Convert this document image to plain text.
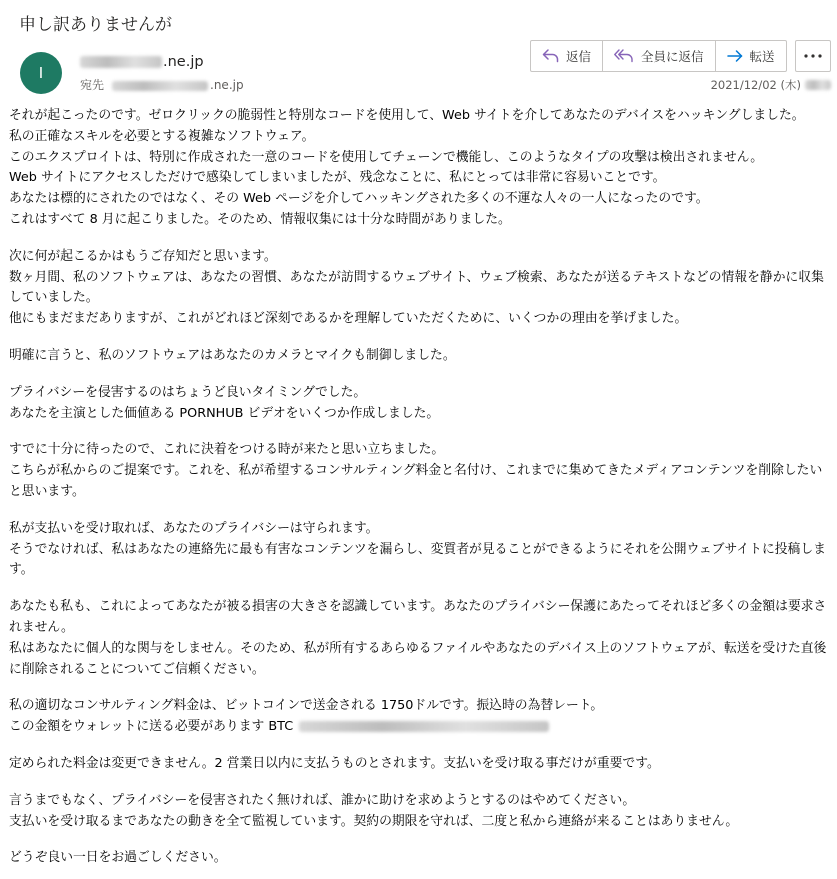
申し訳ありませんが
I
.ne.jp
宛先	.ne.jp
返信	全員に返信	転送
2021/12/02 (木)

それが起こったのです。ゼロクリックの脆弱性と特別なコードを使用して、Web サイトを介してあなたのデバイスをハッキングしました。

私の正確なスキルを必要とする複雑なソフトウェア。

このエクスプロイトは、特別に作成された一意のコードを使用してチェーンで機能し、このようなタイプの攻撃は検出されません。

Web サイトにアクセスしただけで感染してしまいましたが、残念なことに、私にとっては非常に容易いことです。

あなたは標的にされたのではなく、その Web ページを介してハッキングされた多くの不運な人々の一人になったのです。

これはすべて 8 月に起こりました。そのため、情報収集には十分な時間がありました。

次に何が起こるかはもうご存知だと思います。

数ヶ月間、私のソフトウェアは、あなたの習慣、あなたが訪問するウェブサイト、ウェブ検索、あなたが送るテキストなどの情報を静かに収集していました。

他にもまだまだありますが、これがどれほど深刻であるかを理解していただくために、いくつかの理由を挙げました。

明確に言うと、私のソフトウェアはあなたのカメラとマイクも制御しました。

プライバシーを侵害するのはちょうど良いタイミングでした。

あなたを主演とした価値ある PORNHUB ビデオをいくつか作成しました。

すでに十分に待ったので、これに決着をつける時が来たと思い立ちました。

こちらが私からのご提案です。これを、私が希望するコンサルティング料金と名付け、これまでに集めてきたメディアコンテンツを削除したいと思います。

私が支払いを受け取れば、あなたのプライバシーは守られます。

そうでなければ、私はあなたの連絡先に最も有害なコンテンツを漏らし、変質者が見ることができるようにそれを公開ウェブサイトに投稿します。

あなたも私も、これによってあなたが被る損害の大きさを認識しています。あなたのプライバシー保護にあたってそれほど多くの金額は要求されません。

私はあなたに個人的な関与をしません。そのため、私が所有するあらゆるファイルやあなたのデバイス上のソフトウェアが、転送を受けた直後に削除されることについてご信頼ください。

私の適切なコンサルティング料金は、ビットコインで送金される 1750ドルです。振込時の為替レート。

この金額をウォレットに送る必要があります BTC

定められた料金は変更できません。2 営業日以内に支払うものとされます。支払いを受け取る事だけが重要です。

言うまでもなく、プライバシーを侵害されたく無ければ、誰かに助けを求めようとするのはやめてください。

支払いを受け取るまであなたの動きを全て監視しています。契約の期限を守れば、二度と私から連絡が来ることはありません。

どうぞ良い一日をお過ごしください。
